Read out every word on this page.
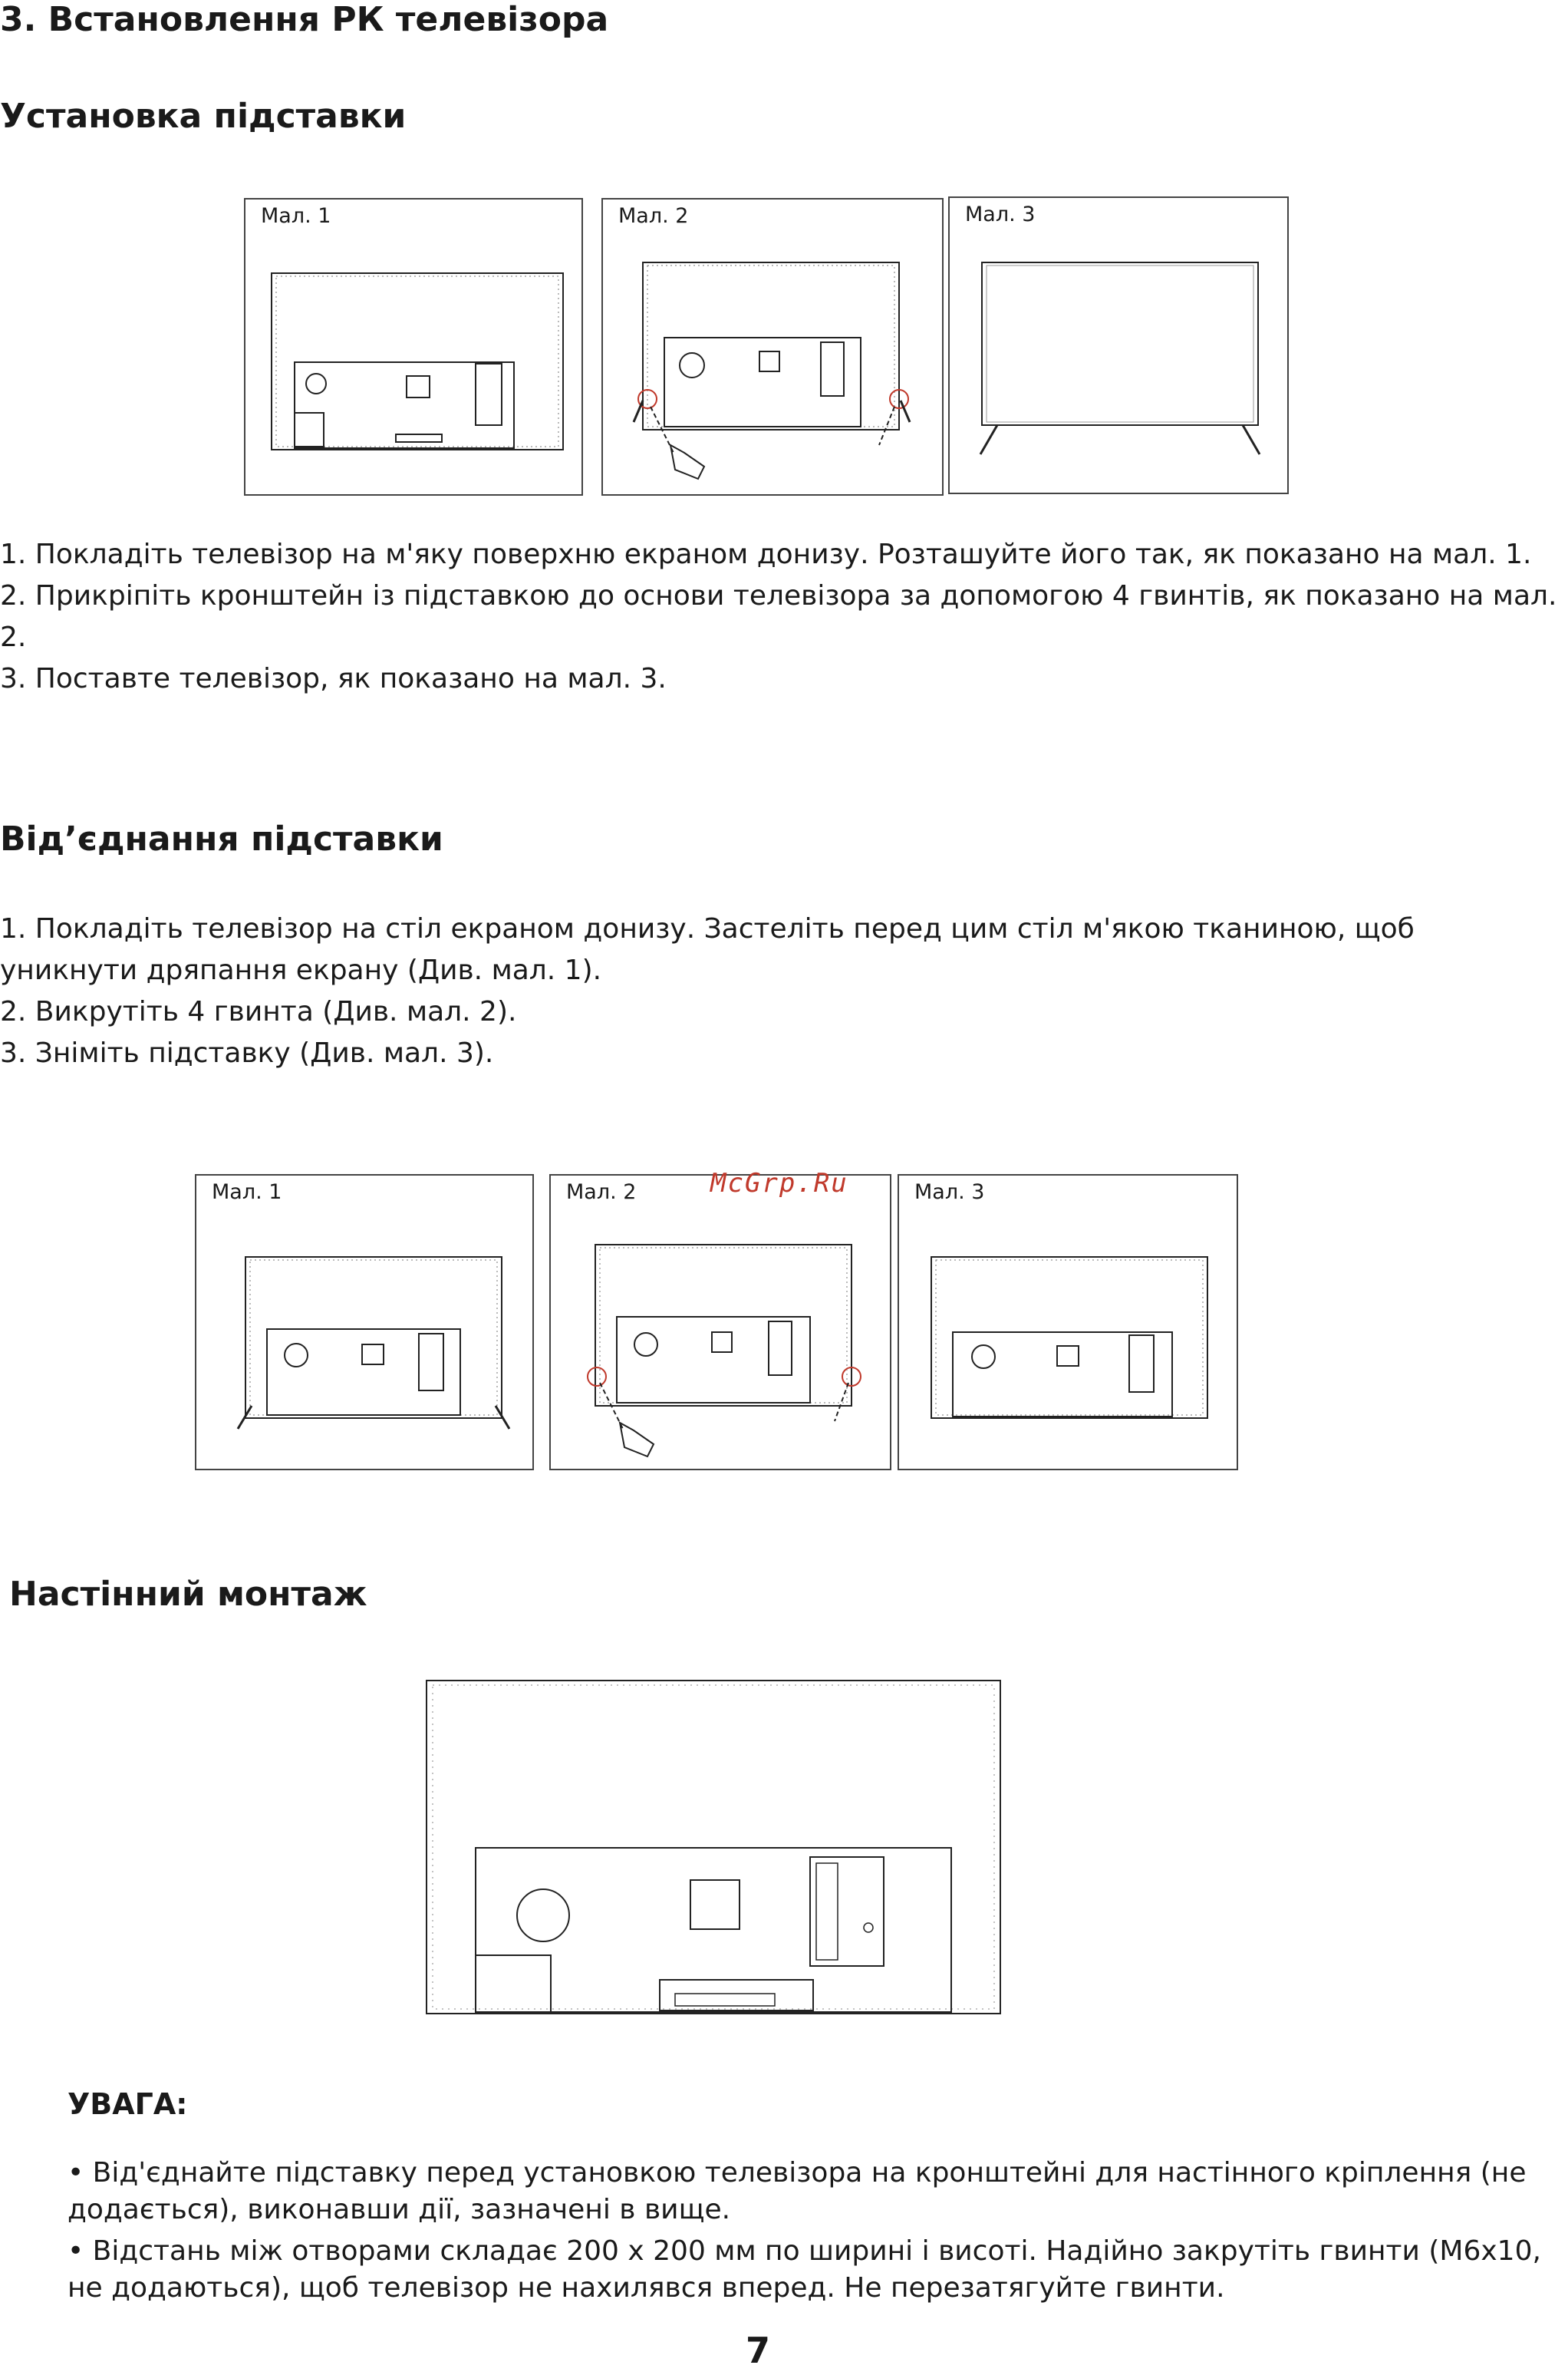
3. Встановлення РК телевізора
Установка підставки
Мал. 1	Мал. 2	Мал. 3

1. Покладіть телевізор на м'яку поверхню екраном донизу. Розташуйте його так, як показано на мал. 1.

2. Прикріпіть кронштейн із підставкою до основи телевізора за допомогою 4 гвинтів, як показано на мал. 2.

3. Поставте телевізор, як показано на мал. 3.

Від’єднання підставки

1. Покладіть телевізор на стіл екраном донизу. Застеліть перед цим стіл м'якою тканиною, щоб уникнути дряпання екрану (Див. мал. 1).

2. Викрутіть 4 гвинта (Див. мал. 2).

3. Зніміть підставку (Див. мал. 3).

Мал. 1	Мал. 2	Мал. 3
McGrp.Ru
Настінний монтаж
УВАГА:

• Від'єднайте підставку перед установкою телевізора на кронштейні для настінного кріплення (не додається), виконавши дії, зазначені в вище.

• Відстань між отворами складає 200 x 200 мм по ширині і висоті. Надійно закрутіть гвинти (M6x10, не додаються), щоб телевізор не нахилявся вперед. Не перезатягуйте гвинти.

7
